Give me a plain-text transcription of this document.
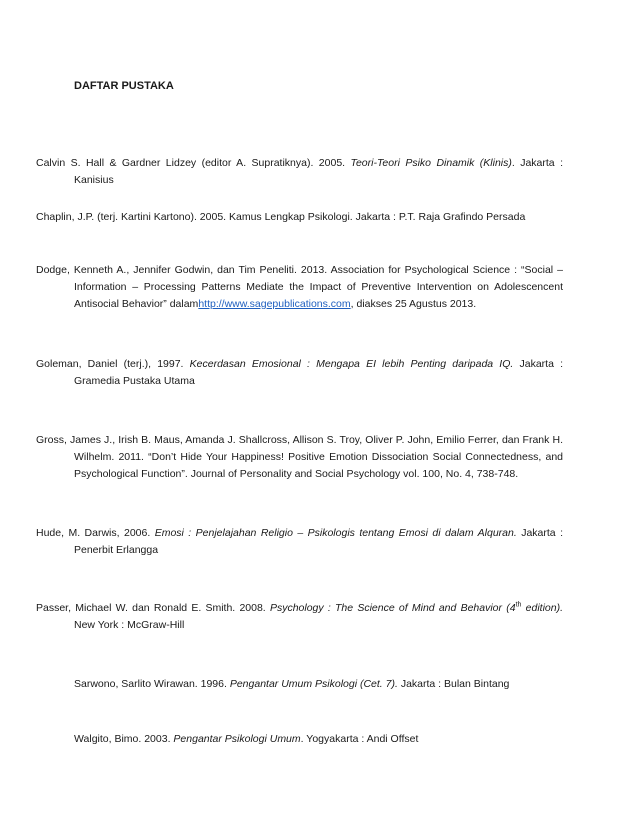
DAFTAR PUSTAKA
Calvin S. Hall & Gardner Lidzey (editor A. Supratiknya). 2005. Teori-Teori Psiko Dinamik (Klinis). Jakarta : Kanisius
Chaplin, J.P. (terj. Kartini Kartono). 2005. Kamus Lengkap Psikologi. Jakarta : P.T. Raja Grafindo Persada
Dodge, Kenneth A., Jennifer Godwin, dan Tim Peneliti. 2013. Association for Psychological Science : “Social – Information – Processing Patterns Mediate the Impact of Preventive Intervention on Adolescencent Antisocial Behavior” dalamhttp://www.sagepublications.com, diakses 25 Agustus 2013.
Goleman, Daniel (terj.), 1997. Kecerdasan Emosional : Mengapa EI lebih Penting daripada IQ. Jakarta : Gramedia Pustaka Utama
Gross, James J., Irish B. Maus, Amanda J. Shallcross, Allison S. Troy, Oliver P. John, Emilio Ferrer, dan Frank H. Wilhelm. 2011. “Don’t Hide Your Happiness! Positive Emotion Dissociation Social Connectedness, and Psychological Function”. Journal of Personality and Social Psychology vol. 100, No. 4, 738-748.
Hude, M. Darwis, 2006. Emosi : Penjelajahan Religio – Psikologis tentang Emosi di dalam Alquran. Jakarta : Penerbit Erlangga
Passer, Michael W. dan Ronald E. Smith. 2008. Psychology : The Science of Mind and Behavior (4th edition). New York : McGraw-Hill
Sarwono, Sarlito Wirawan. 1996. Pengantar Umum Psikologi (Cet. 7). Jakarta : Bulan Bintang
Walgito, Bimo. 2003. Pengantar Psikologi Umum. Yogyakarta : Andi Offset
